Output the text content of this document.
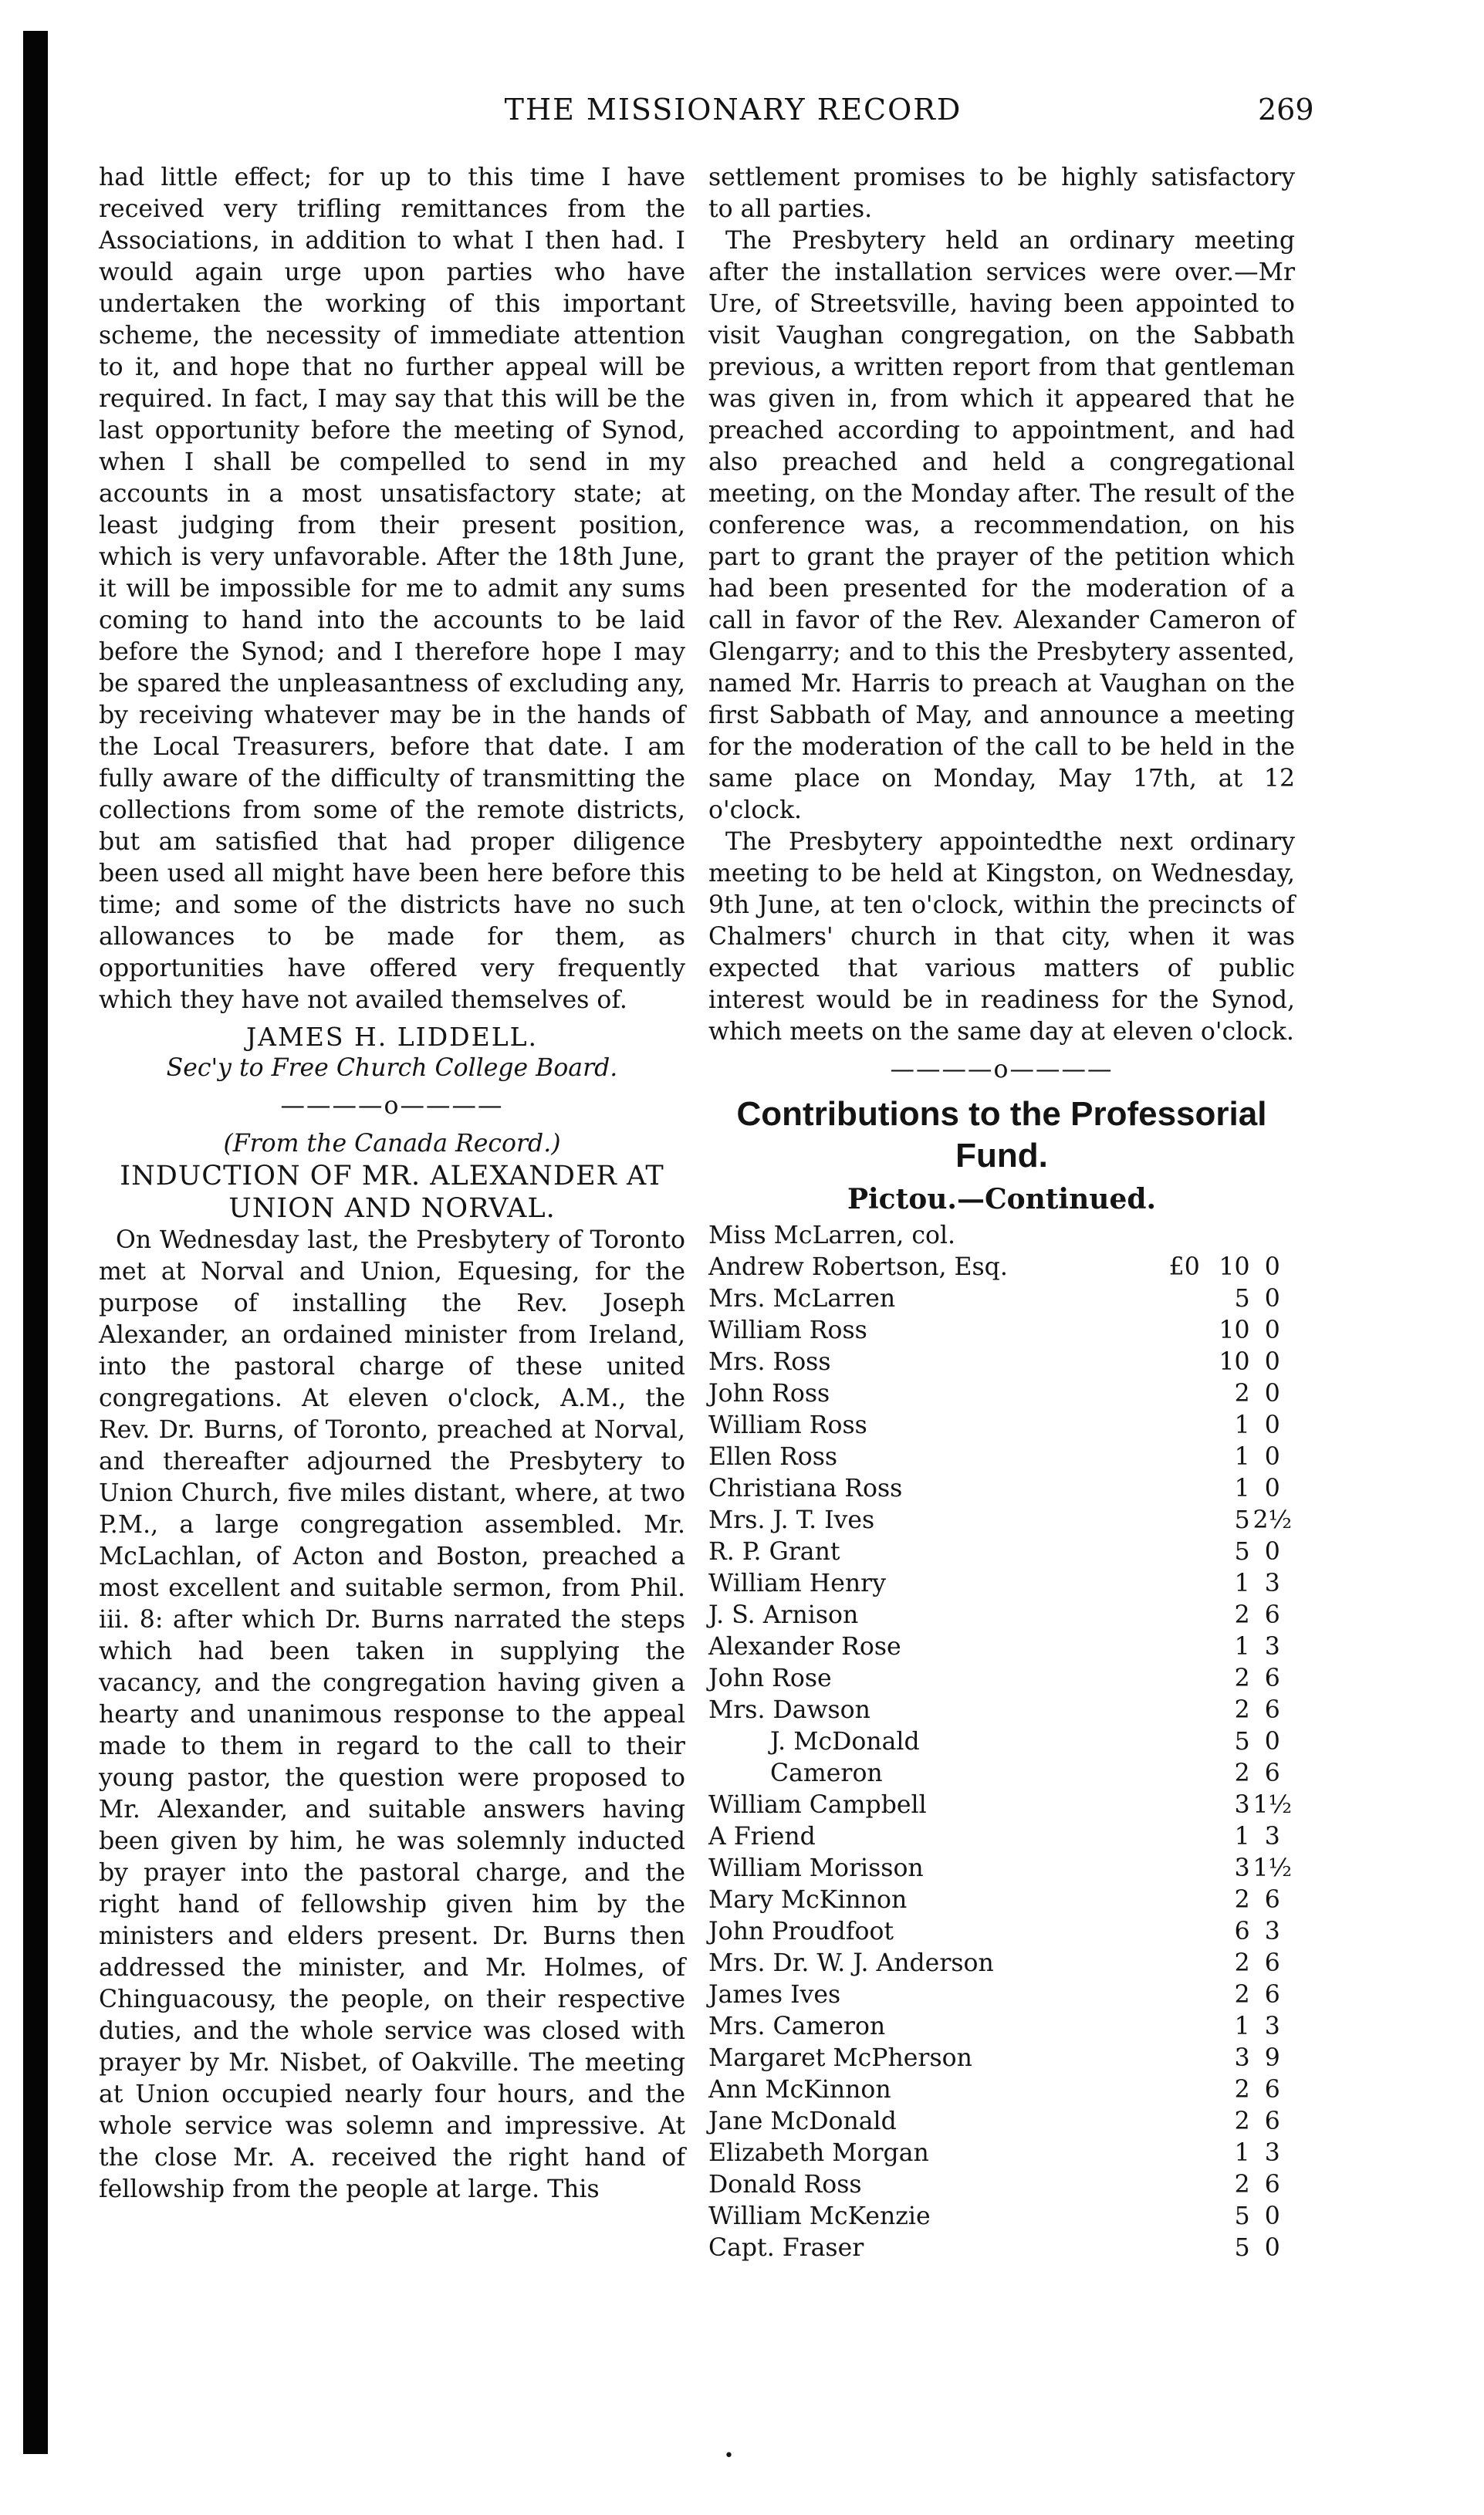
THE MISSIONARY RECORD	269

had little effect; for up to this time I have received very trifling remittances from the Associations, in addition to what I then had. I would again urge upon parties who have undertaken the working of this important scheme, the necessity of immediate attention to it, and hope that no further appeal will be required. In fact, I may say that this will be the last opportunity before the meeting of Synod, when I shall be compelled to send in my accounts in a most unsatisfactory state; at least judging from their present position, which is very unfavorable. After the 18th June, it will be impossible for me to admit any sums coming to hand into the accounts to be laid before the Synod; and I therefore hope I may be spared the unpleasantness of excluding any, by receiving whatever may be in the hands of the Local Treasurers, before that date. I am fully aware of the difficulty of transmitting the collections from some of the remote districts, but am satisfied that had proper diligence been used all might have been here before this time; and some of the districts have no such allowances to be made for them, as opportunities have offered very frequently which they have not availed themselves of.

JAMES H. LIDDELL.
Sec'y to Free Church College Board.
————o————
(From the Canada Record.)
INDUCTION OF MR. ALEXANDER AT UNION AND NORVAL.

On Wednesday last, the Presbytery of Toronto met at Norval and Union, Equesing, for the purpose of installing the Rev. Joseph Alexander, an ordained minister from Ireland, into the pastoral charge of these united congregations. At eleven o'clock, A.M., the Rev. Dr. Burns, of Toronto, preached at Norval, and thereafter adjourned the Presbytery to Union Church, five miles distant, where, at two P.M., a large congregation assembled. Mr. McLachlan, of Acton and Boston, preached a most excellent and suitable sermon, from Phil. iii. 8: after which Dr. Burns narrated the steps which had been taken in supplying the vacancy, and the congregation having given a hearty and unanimous response to the appeal made to them in regard to the call to their young pastor, the question were proposed to Mr. Alexander, and suitable answers having been given by him, he was solemnly inducted by prayer into the pastoral charge, and the right hand of fellowship given him by the ministers and elders present. Dr. Burns then addressed the minister, and Mr. Holmes, of Chinguacousy, the people, on their respective duties, and the whole service was closed with prayer by Mr. Nisbet, of Oakville. The meeting at Union occupied nearly four hours, and the whole service was solemn and impressive. At the close Mr. A. received the right hand of fellowship from the people at large. This

settlement promises to be highly satisfactory to all parties.

The Presbytery held an ordinary meeting after the installation services were over.—Mr Ure, of Streetsville, having been appointed to visit Vaughan congregation, on the Sabbath previous, a written report from that gentleman was given in, from which it appeared that he preached according to appointment, and had also preached and held a congregational meeting, on the Monday after. The result of the conference was, a recommendation, on his part to grant the prayer of the petition which had been presented for the moderation of a call in favor of the Rev. Alexander Cameron of Glengarry; and to this the Presbytery assented, named Mr. Harris to preach at Vaughan on the first Sabbath of May, and announce a meeting for the moderation of the call to be held in the same place on Monday, May 17th, at 12 o'clock.

The Presbytery appointedthe next ordinary meeting to be held at Kingston, on Wednesday, 9th June, at ten o'clock, within the precincts of Chalmers' church in that city, when it was expected that various matters of public interest would be in readiness for the Synod, which meets on the same day at eleven o'clock.

————o————
Contributions to the Professorial Fund.
Pictou.—Continued.
Miss McLarren, col.
Andrew Robertson, Esq.	£0	10	0
Mrs. McLarren		5	0
William Ross		10	0
Mrs. Ross		10	0
John Ross		2	0
William Ross		1	0
Ellen Ross		1	0
Christiana Ross		1	0
Mrs. J. T. Ives		5	2½
R. P. Grant		5	0
William Henry		1	3
J. S. Arnison		2	6
Alexander Rose		1	3
John Rose		2	6
Mrs. Dawson		2	6
J. McDonald		5	0
Cameron		2	6
William Campbell		3	1½
A Friend		1	3
William Morisson		3	1½
Mary McKinnon		2	6
John Proudfoot		6	3
Mrs. Dr. W. J. Anderson		2	6
James Ives		2	6
Mrs. Cameron		1	3
Margaret McPherson		3	9
Ann McKinnon		2	6
Jane McDonald		2	6
Elizabeth Morgan		1	3
Donald Ross		2	6
William McKenzie		5	0
Capt. Fraser		5	0
•
